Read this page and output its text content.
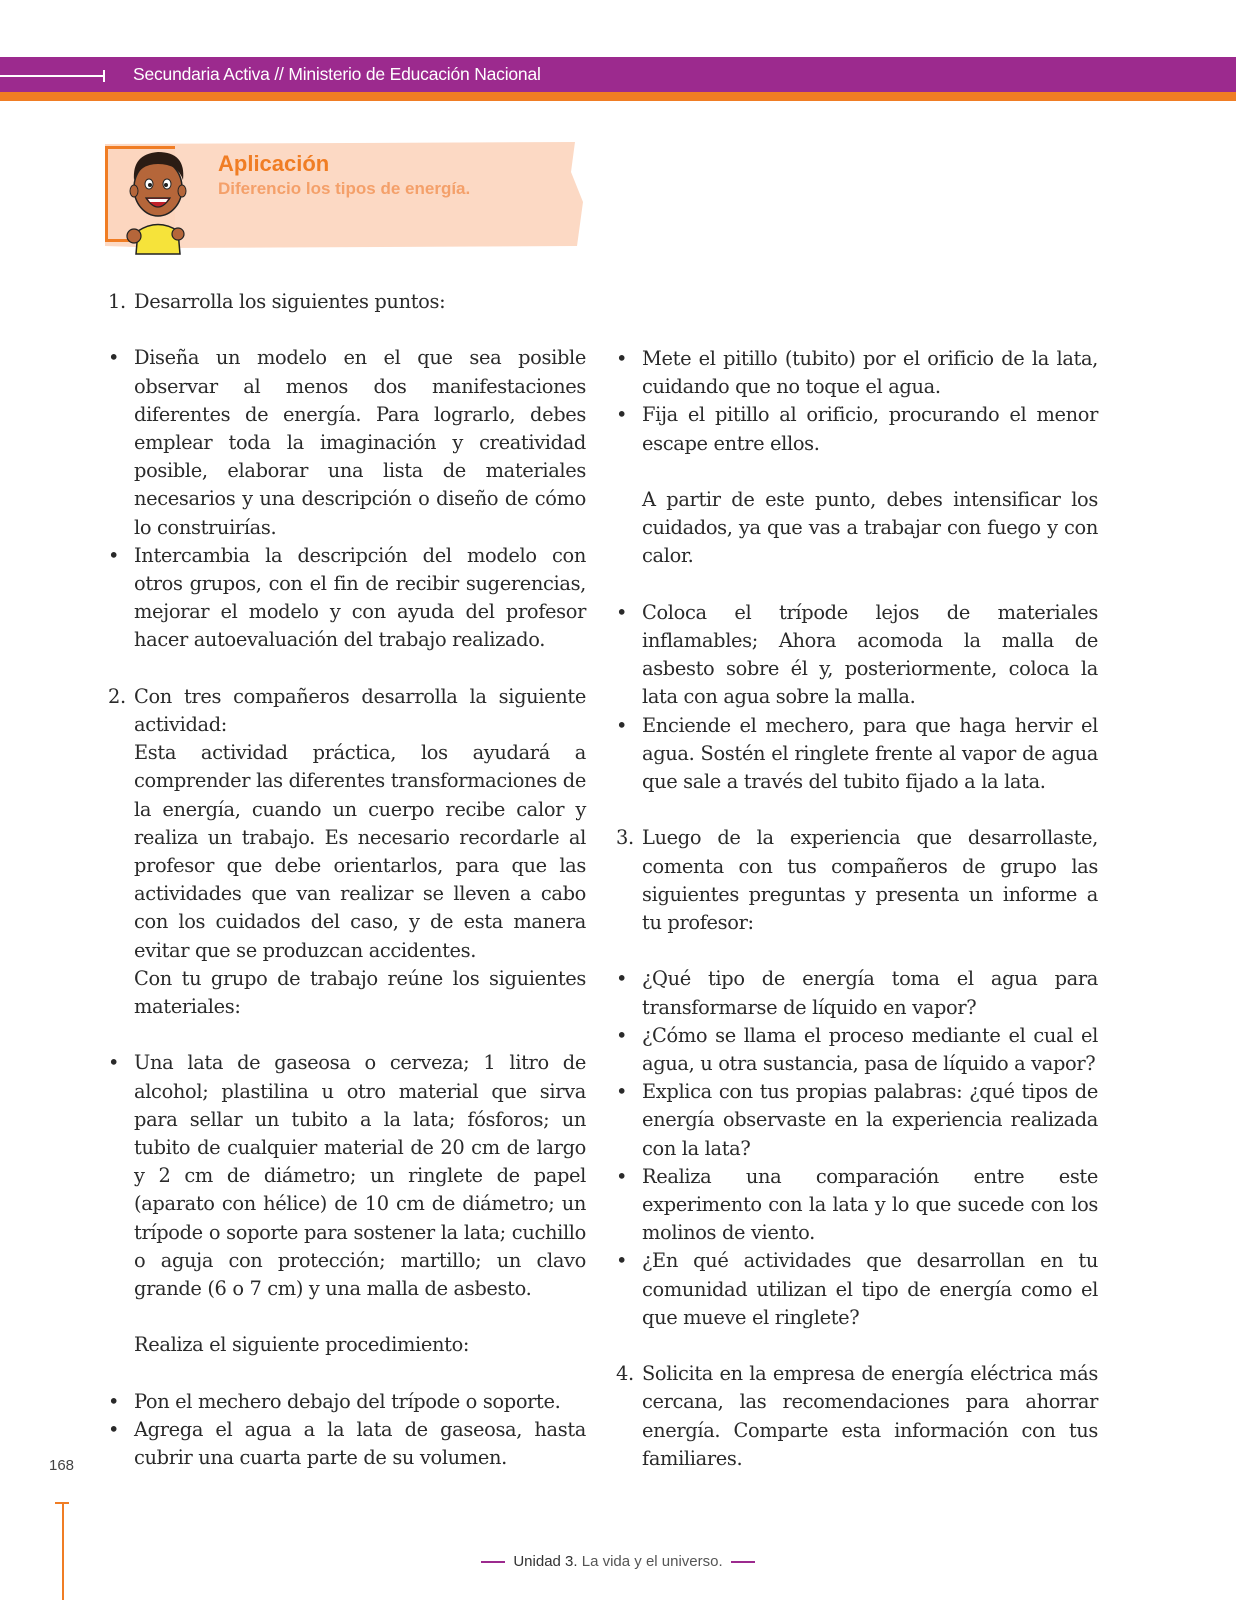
Secundaria Activa // Ministerio de Educación Nacional
Aplicación
Diferencio los tipos de energía.

1. Desarrolla los siguientes puntos:

• Diseña un modelo en el que sea posible observar al menos dos manifestaciones diferentes de energía. Para lograrlo, debes emplear toda la imaginación y creatividad posible, elaborar una lista de materiales necesarios y una descripción o diseño de cómo lo construirías.

• Intercambia la descripción del modelo con otros grupos, con el fin de recibir sugerencias, mejorar el modelo y con ayuda del profesor hacer autoevaluación del trabajo realizado.

2. Con tres compañeros desarrolla la siguiente actividad:

Esta actividad práctica, los ayudará a comprender las diferentes transformaciones de la energía, cuando un cuerpo recibe calor y realiza un trabajo. Es necesario recordarle al profesor que debe orientarlos, para que las actividades que van realizar se lleven a cabo con los cuidados del caso, y de esta manera evitar que se produzcan accidentes.

Con tu grupo de trabajo reúne los siguientes materiales:

• Una lata de gaseosa o cerveza; 1 litro de alcohol; plastilina u otro material que sirva para sellar un tubito a la lata; fósforos; un tubito de cualquier material de 20 cm de largo y 2 cm de diámetro; un ringlete de papel (aparato con hélice) de 10 cm de diámetro; un trípode o soporte para sostener la lata; cuchillo o aguja con protección; martillo; un clavo grande (6 o 7 cm) y una malla de asbesto.

Realiza el siguiente procedimiento:

• Pon el mechero debajo del trípode o soporte.

• Agrega el agua a la lata de gaseosa, hasta cubrir una cuarta parte de su volumen.

• Mete el pitillo (tubito) por el orificio de la lata, cuidando que no toque el agua.

• Fija el pitillo al orificio, procurando el menor escape entre ellos.

A partir de este punto, debes intensificar los cuidados, ya que vas a trabajar con fuego y con calor.

• Coloca el trípode lejos de materiales inflamables; Ahora acomoda la malla de asbesto sobre él y, posteriormente, coloca la lata con agua sobre la malla.

• Enciende el mechero, para que haga hervir el agua. Sostén el ringlete frente al vapor de agua que sale a través del tubito fijado a la lata.

3. Luego de la experiencia que desarrollaste, comenta con tus compañeros de grupo las siguientes preguntas y presenta un informe a tu profesor:

• ¿Qué tipo de energía toma el agua para transformarse de líquido en vapor?

• ¿Cómo se llama el proceso mediante el cual el agua, u otra sustancia, pasa de líquido a vapor?

• Explica con tus propias palabras: ¿qué tipos de energía observaste en la experiencia realizada con la lata?

• Realiza una comparación entre este experimento con la lata y lo que sucede con los molinos de viento.

• ¿En qué actividades que desarrollan en tu comunidad utilizan el tipo de energía como el que mueve el ringlete?

4. Solicita en la empresa de energía eléctrica más cercana, las recomendaciones para ahorrar energía. Comparte esta información con tus familiares.

168
Unidad 3. La vida y el universo.
